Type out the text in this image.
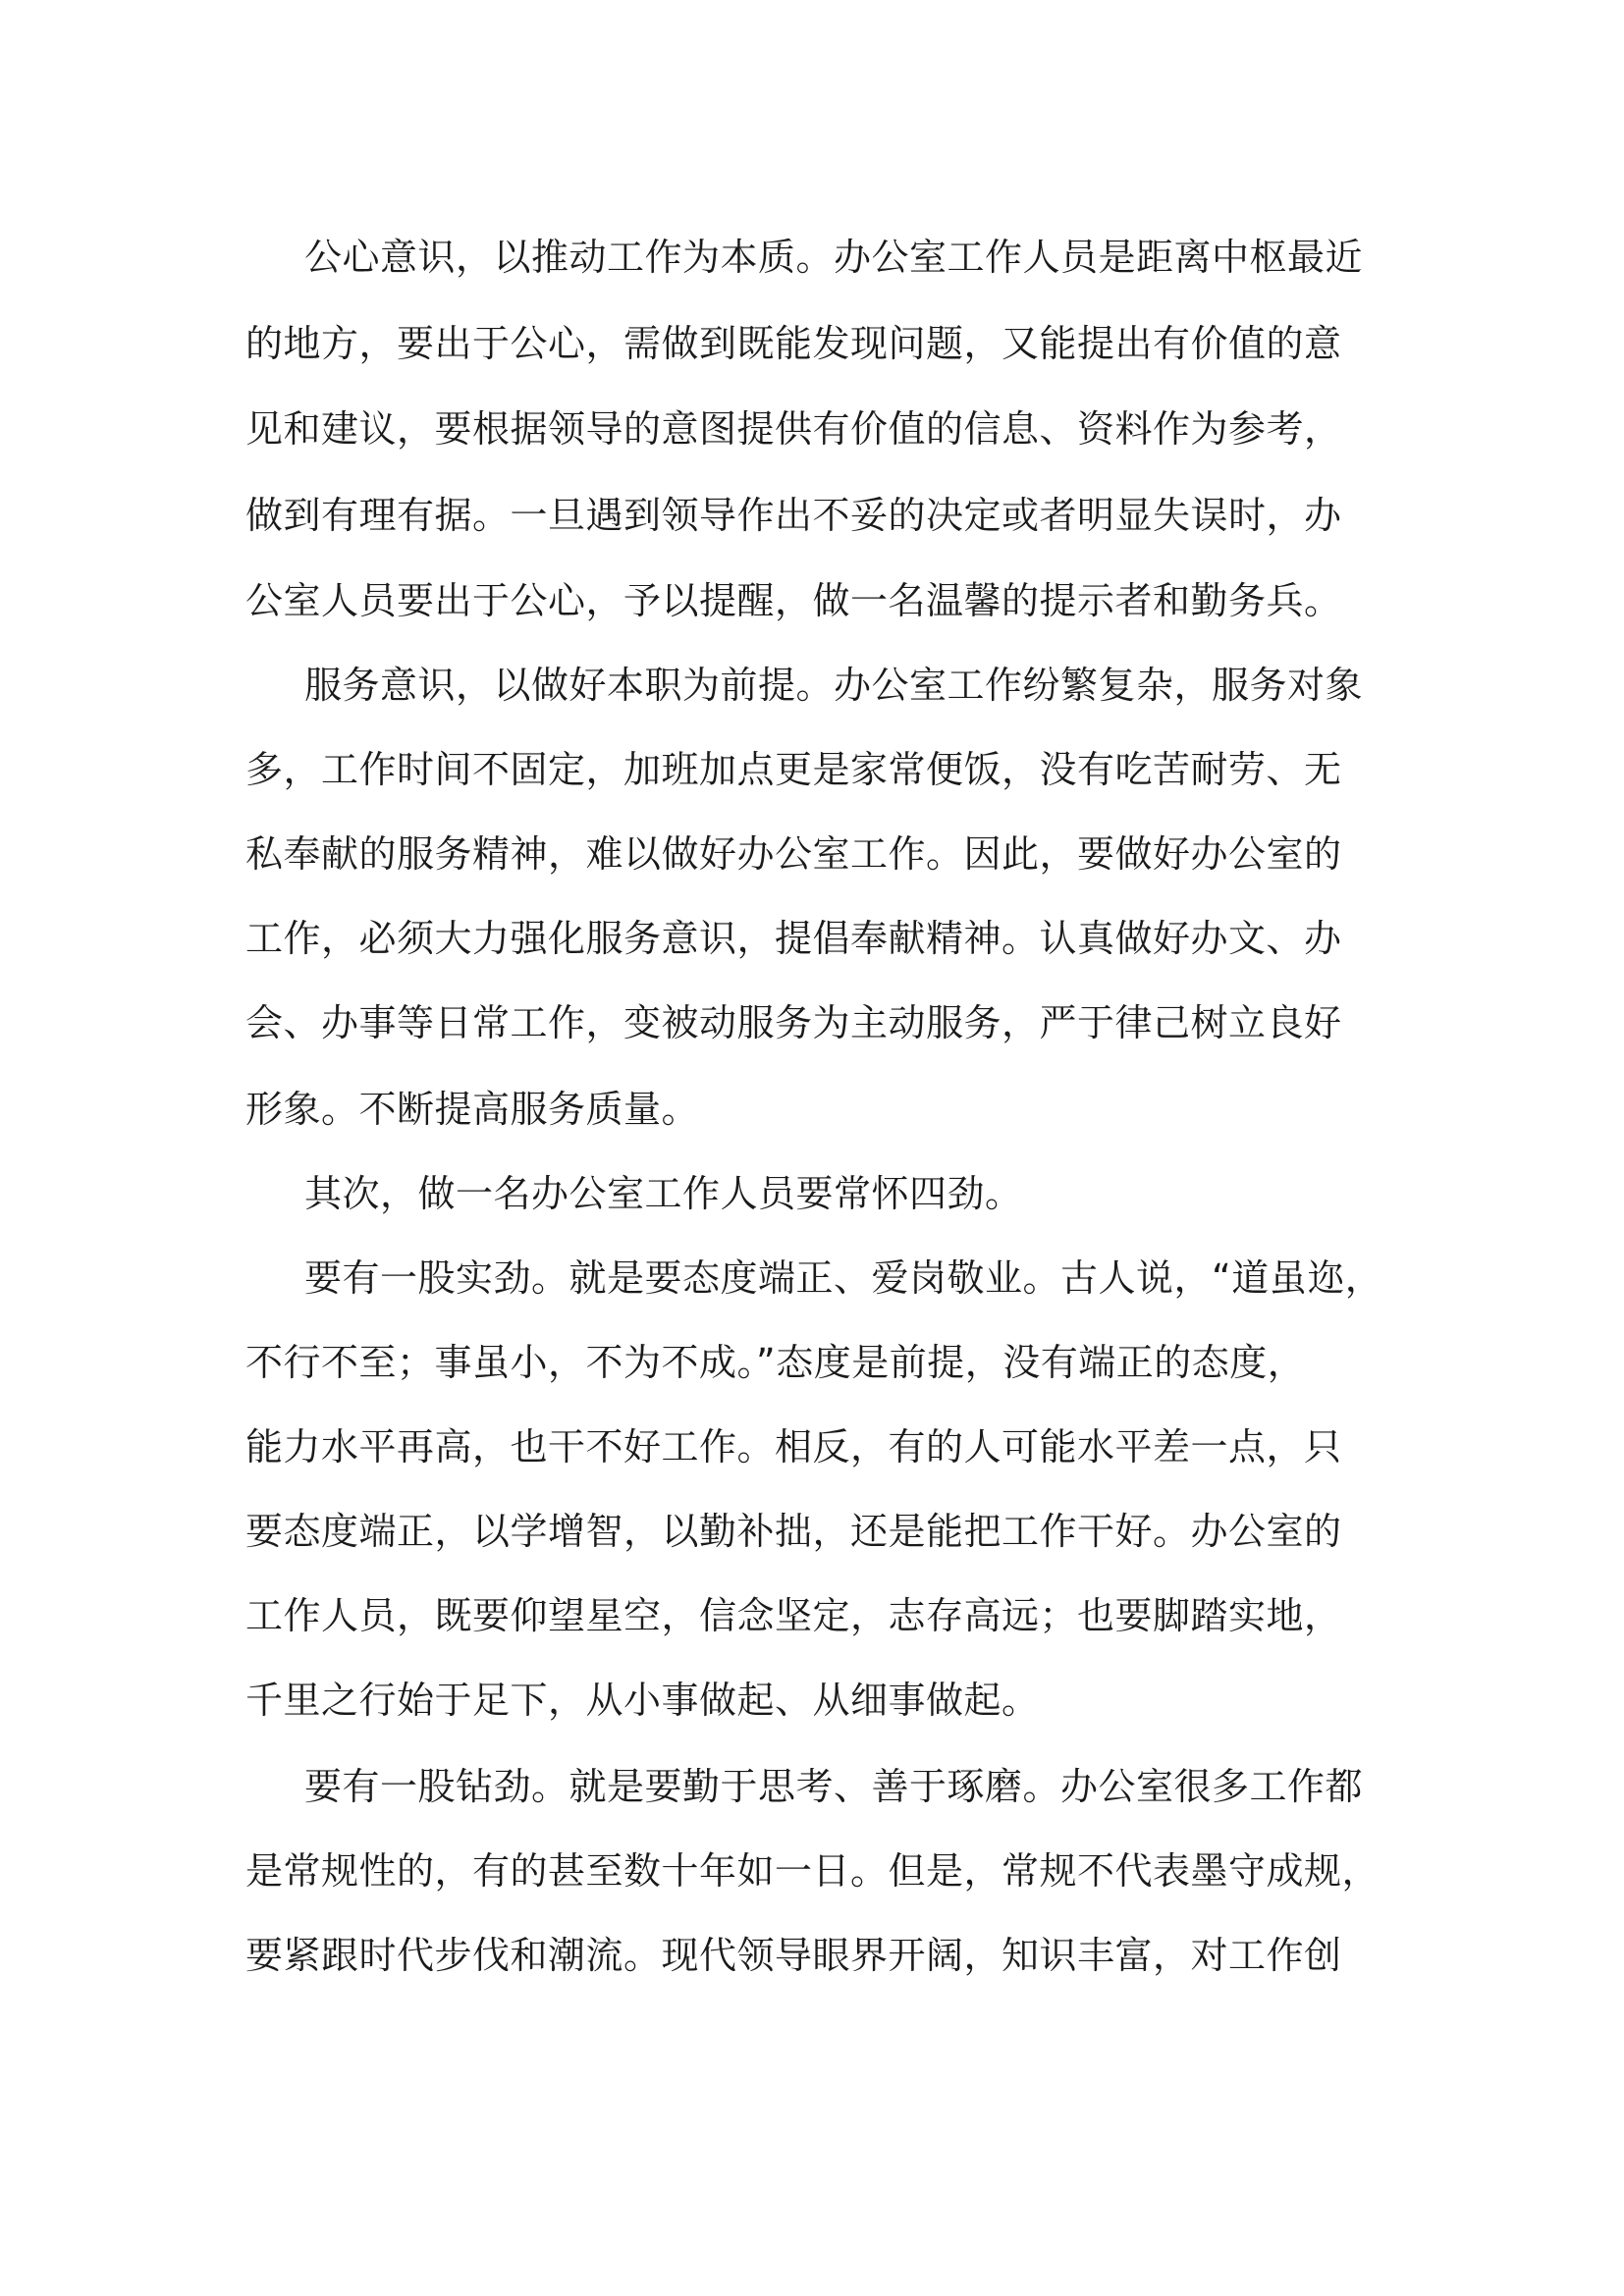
公心意识，以推动工作为本质。办公室工作人员是距离中枢最近
的地方，要出于公心，需做到既能发现问题，又能提出有价值的意
见和建议，要根据领导的意图提供有价值的信息、资料作为参考，
做到有理有据。一旦遇到领导作出不妥的决定或者明显失误时，办
公室人员要出于公心，予以提醒，做一名温馨的提示者和勤务兵。
服务意识，以做好本职为前提。办公室工作纷繁复杂，服务对象
多，工作时间不固定，加班加点更是家常便饭，没有吃苦耐劳、无
私奉献的服务精神，难以做好办公室工作。因此，要做好办公室的
工作，必须大力强化服务意识，提倡奉献精神。认真做好办文、办
会、办事等日常工作，变被动服务为主动服务，严于律己树立良好
形象。不断提高服务质量。
其次，做一名办公室工作人员要常怀四劲。
要有一股实劲。就是要态度端正、爱岗敬业。古人说，“道虽迩，
不行不至；事虽小，不为不成。”态度是前提，没有端正的态度，
能力水平再高，也干不好工作。相反，有的人可能水平差一点，只
要态度端正，以学增智，以勤补拙，还是能把工作干好。办公室的
工作人员，既要仰望星空，信念坚定，志存高远；也要脚踏实地，
千里之行始于足下，从小事做起、从细事做起。
要有一股钻劲。就是要勤于思考、善于琢磨。办公室很多工作都
是常规性的，有的甚至数十年如一日。但是，常规不代表墨守成规，
要紧跟时代步伐和潮流。现代领导眼界开阔，知识丰富，对工作创
